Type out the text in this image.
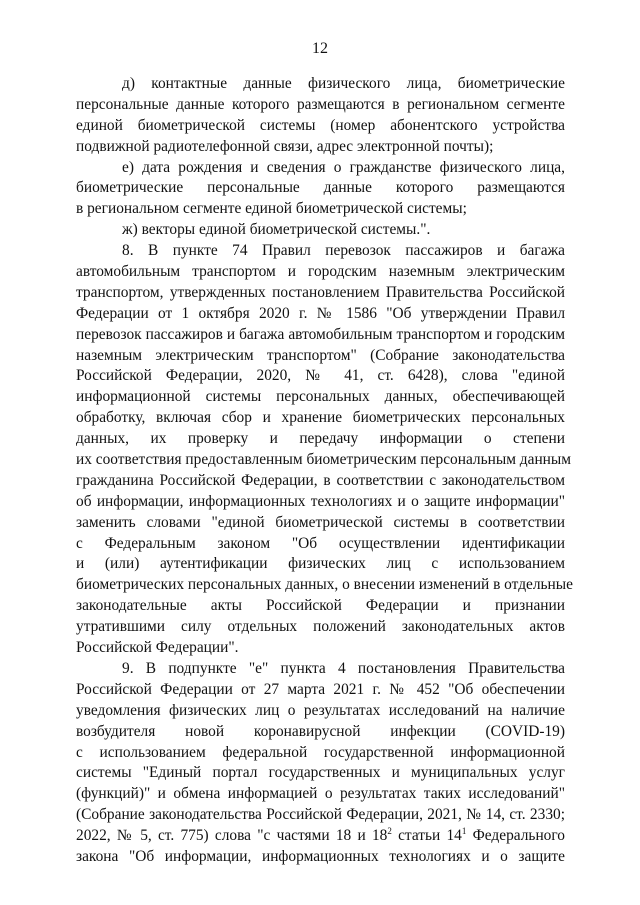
12
д) контактные данные физического лица, биометрические
персональные данные которого размещаются в региональном сегменте
единой биометрической системы (номер абонентского устройства
подвижной радиотелефонной связи, адрес электронной почты);
е) дата рождения и сведения о гражданстве физического лица,
биометрические персональные данные которого размещаются
в региональном сегменте единой биометрической системы;
ж) векторы единой биометрической системы.".
8. В пункте 74 Правил перевозок пассажиров и багажа
автомобильным транспортом и городским наземным электрическим
транспортом, утвержденных постановлением Правительства Российской
Федерации от 1 октября 2020 г. № 1586 "Об утверждении Правил
перевозок пассажиров и багажа автомобильным транспортом и городским
наземным электрическим транспортом" (Собрание законодательства
Российской Федерации, 2020, № 41, ст. 6428), слова "единой
информационной системы персональных данных, обеспечивающей
обработку, включая сбор и хранение биометрических персональных
данных, их проверку и передачу информации о степени
их соответствия предоставленным биометрическим персональным данным
гражданина Российской Федерации, в соответствии с законодательством
об информации, информационных технологиях и о защите информации"
заменить словами "единой биометрической системы в соответствии
с Федеральным законом "Об осуществлении идентификации
и (или) аутентификации физических лиц с использованием
биометрических персональных данных, о внесении изменений в отдельные
законодательные акты Российской Федерации и признании
утратившими силу отдельных положений законодательных актов
Российской Федерации".
9. В подпункте "е" пункта 4 постановления Правительства
Российской Федерации от 27 марта 2021 г. № 452 "Об обеспечении
уведомления физических лиц о результатах исследований на наличие
возбудителя новой коронавирусной инфекции (COVID-19)
с использованием федеральной государственной информационной
системы "Единый портал государственных и муниципальных услуг
(функций)" и обмена информацией о результатах таких исследований"
(Собрание законодательства Российской Федерации, 2021, № 14, ст. 2330;
2022, № 5, ст. 775) слова "с частями 18 и $18^2$ статьи $14^1$ Федерального
закона "Об информации, информационных технологиях и о защите
